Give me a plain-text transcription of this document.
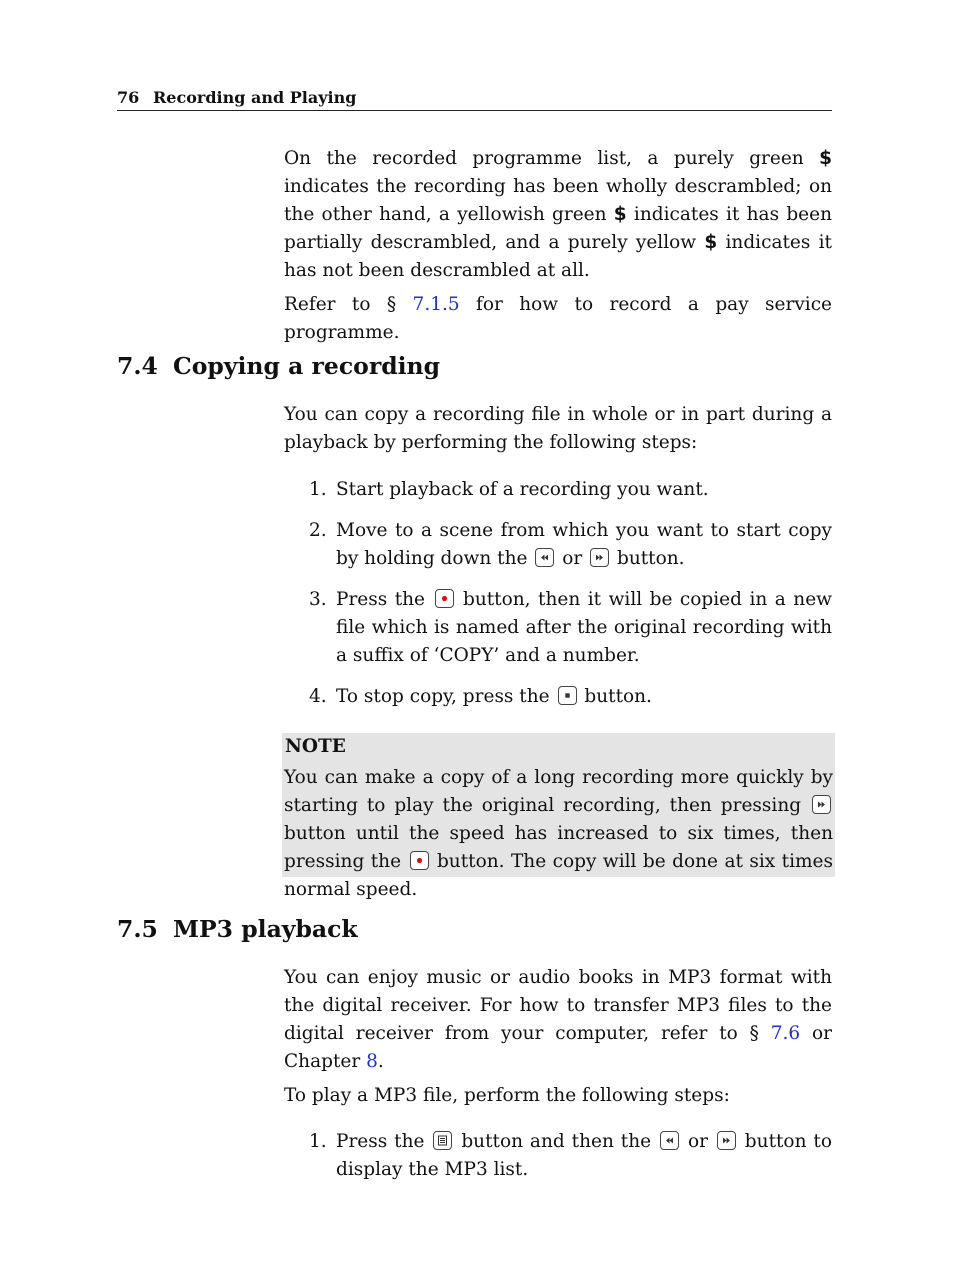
76 Recording and Playing

On the recorded programme list, a purely green $ indicates the recording has been wholly descrambled; on the other hand, a yellowish green $ indicates it has been partially descrambled, and a purely yellow $ indicates it has not been descrambled at all.

Refer to § 7.1.5 for how to record a pay service programme.

7.4 Copying a recording

You can copy a recording file in whole or in part during a playback by performing the following steps:

1. Start playback of a recording you want.
2. Move to a scene from which you want to start copy by holding down the
or
button.
3. Press the
button, then it will be copied in a new file which is named after the original recording with a suffix of ‘COPY’ and a number.
4. To stop copy, press the
button.
NOTE

You can make a copy of a long recording more quickly by starting to play the original recording, then pressing
button until the speed has increased to six times, then pressing the
button. The copy will be done at six times normal speed.

7.5 MP3 playback

You can enjoy music or audio books in MP3 format with the digital receiver. For how to transfer MP3 files to the digital receiver from your computer, refer to § 7.6 or Chapter 8.

To play a MP3 file, perform the following steps:

1. Press the
button and then the
or
button to display the MP3 list.
